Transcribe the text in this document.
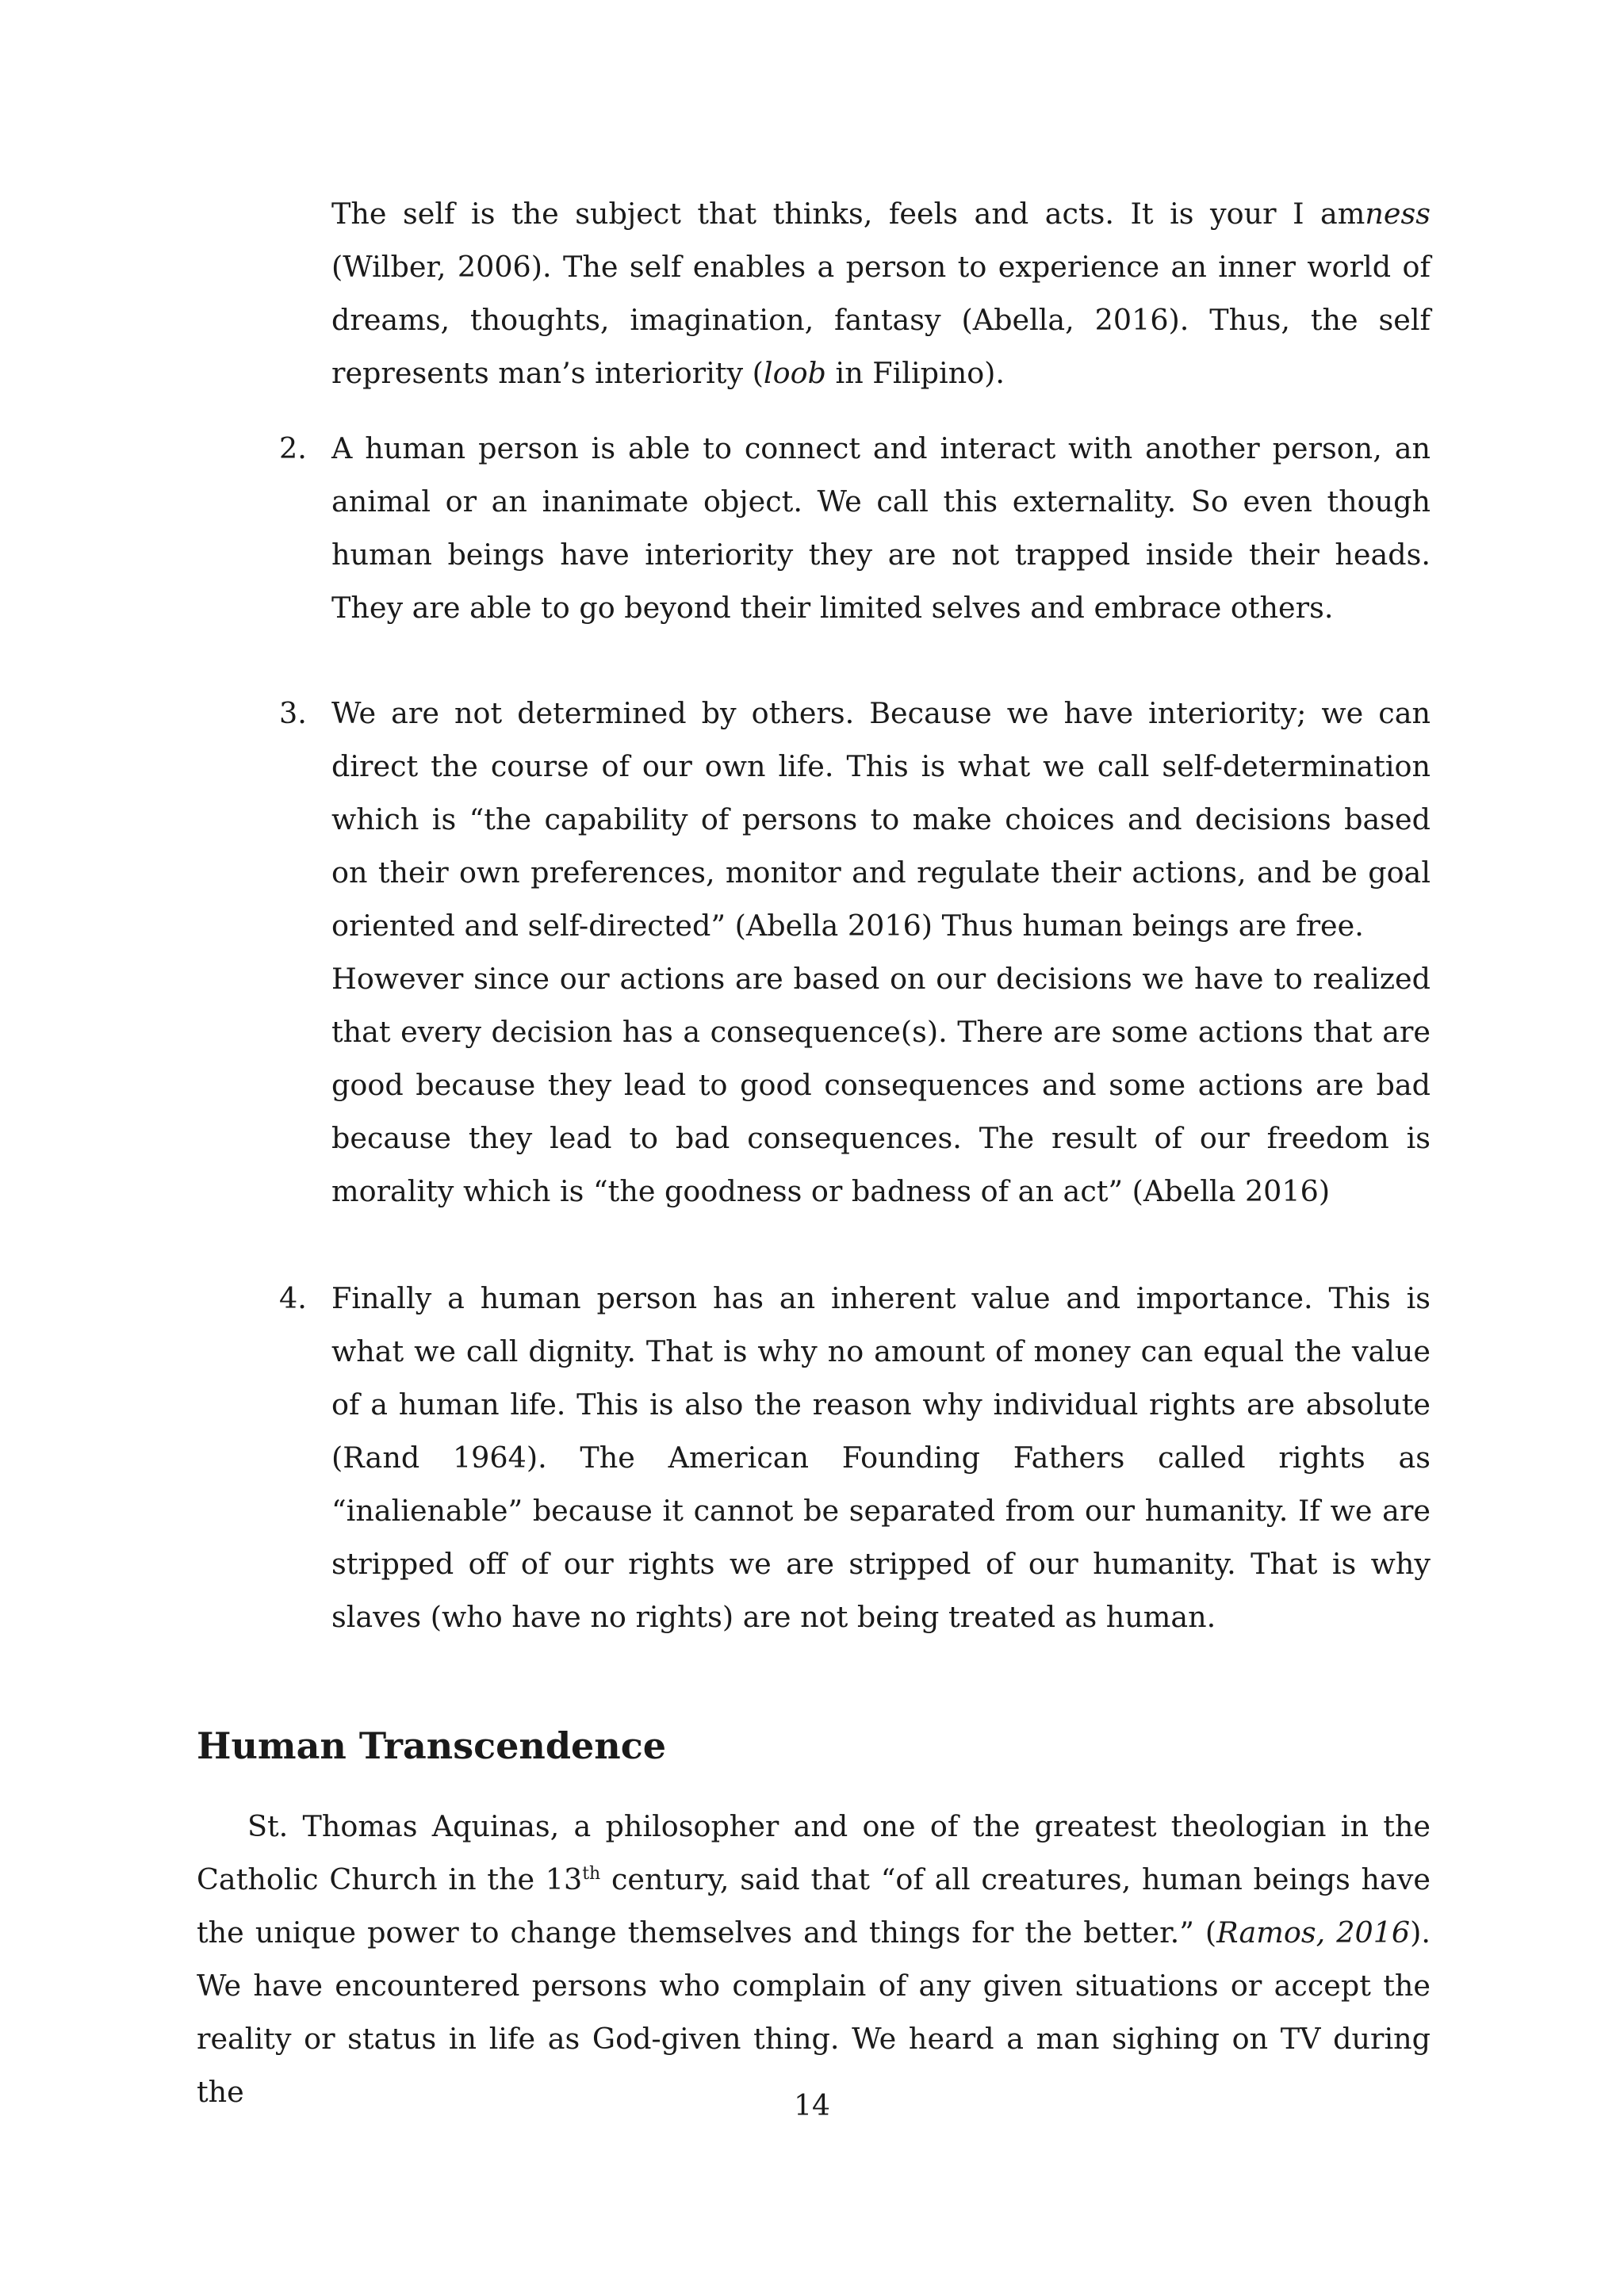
The self is the subject that thinks, feels and acts. It is your I amness (Wilber, 2006). The self enables a person to experience an inner world of dreams, thoughts, imagination, fantasy (Abella, 2016). Thus, the self represents man’s interiority (loob in Filipino).

2. A human person is able to connect and interact with another person, an animal or an inanimate object. We call this externality. So even though human beings have interiority they are not trapped inside their heads. They are able to go beyond their limited selves and embrace others.

3. We are not determined by others. Because we have interiority; we can direct the course of our own life. This is what we call self-determination which is “the capability of persons to make choices and decisions based on their own preferences, monitor and regulate their actions, and be goal oriented and self-directed” (Abella 2016) Thus human beings are free.

However since our actions are based on our decisions we have to realized that every decision has a consequence(s). There are some actions that are good because they lead to good consequences and some actions are bad because they lead to bad consequences. The result of our freedom is morality which is “the goodness or badness of an act” (Abella 2016)

4. Finally a human person has an inherent value and importance. This is what we call dignity. That is why no amount of money can equal the value of a human life. This is also the reason why individual rights are absolute (Rand 1964). The American Founding Fathers called rights as “inalienable” because it cannot be separated from our humanity. If we are stripped off of our rights we are stripped of our humanity. That is why slaves (who have no rights) are not being treated as human.

Human Transcendence

St. Thomas Aquinas, a philosopher and one of the greatest theologian in the Catholic Church in the 13th century, said that “of all creatures, human beings have the unique power to change themselves and things for the better.” (Ramos, 2016). We have encountered persons who complain of any given situations or accept the reality or status in life as God-given thing. We heard a man sighing on TV during the	14
